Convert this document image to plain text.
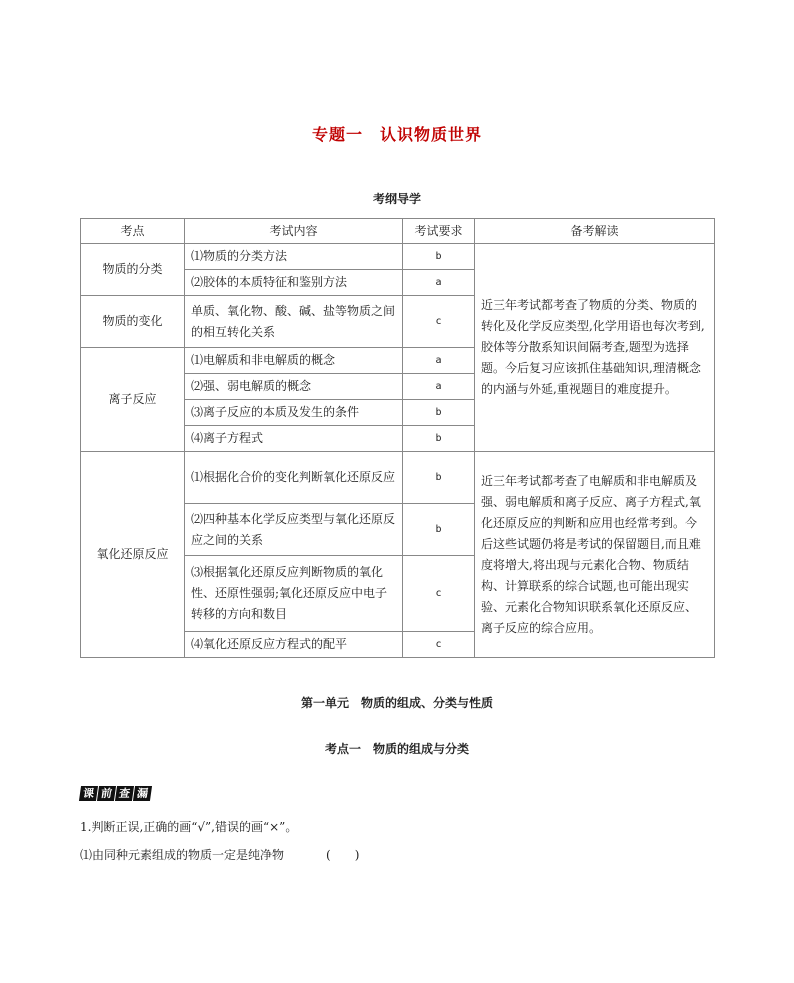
专题一　认识物质世界
考纲导学
考点	考试内容	考试要求	备考解读
物质的分类	⑴物质的分类方法	b	近三年考试都考查了物质的分类、物质的转化及化学反应类型,化学用语也每次考到,胶体等分散系知识间隔考查,题型为选择题。今后复习应该抓住基础知识,理清概念的内涵与外延,重视题目的难度提升。

	⑵胶体的本质特征和鉴别方法	a	
物质的变化	单质、氧化物、酸、碱、盐等物质之间的相互转化关系	c	
离子反应	⑴电解质和非电解质的概念	a	
	⑵强、弱电解质的概念	a	
	⑶离子反应的本质及发生的条件	b	
	⑷离子方程式	b	
氧化还原反应	⑴根据化合价的变化判断氧化还原反应	b	近三年考试都考查了电解质和非电解质及强、弱电解质和离子反应、离子方程式,氧化还原反应的判断和应用也经常考到。今后这些试题仍将是考试的保留题目,而且难度将增大,将出现与元素化合物、物质结构、计算联系的综合试题,也可能出现实验、元素化合物知识联系氧化还原反应、离子反应的综合应用。

	⑵四种基本化学反应类型与氧化还原反应之间的关系	b	
	⑶根据氧化还原反应判断物质的氧化性、还原性强弱;氧化还原反应中电子转移的方向和数目	c	
	⑷氧化还原反应方程式的配平	c	
第一单元　物质的组成、分类与性质
考点一　物质的组成与分类
课 前 查 漏
1.判断正误,正确的画“√”,错误的画“×”。
⑴由同种元素组成的物质一定是纯净物	(　　)
